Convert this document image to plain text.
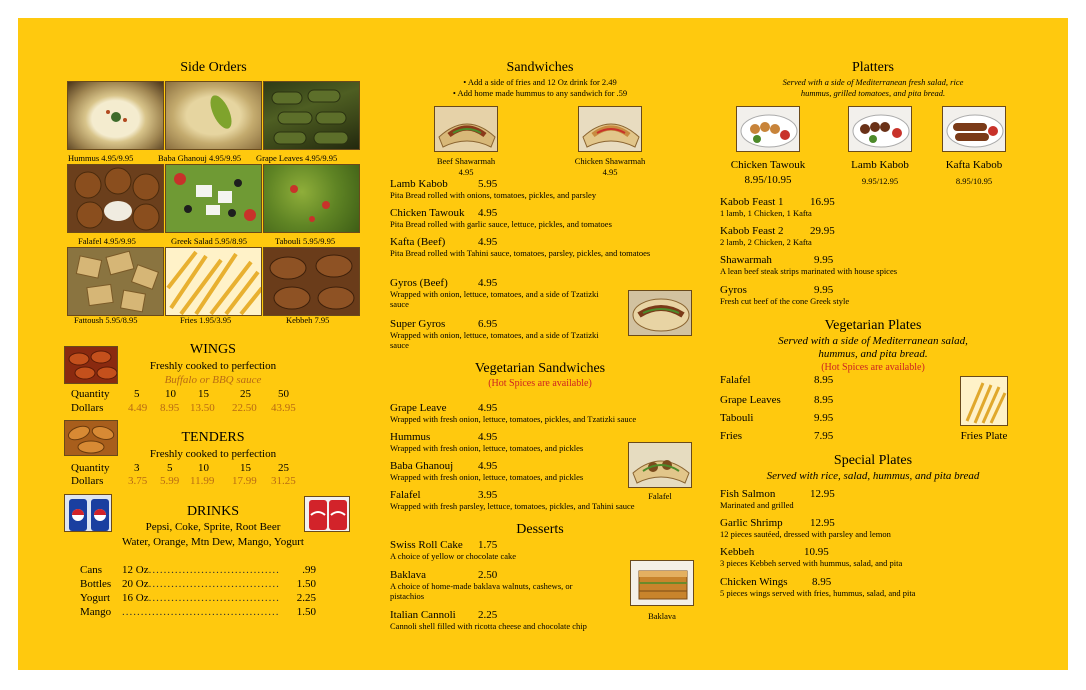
Side Orders
Hummus 4.95/9.95	Baba Ghanouj 4.95/9.95 Grape Leaves 4.95/9.95
Falafel 4.95/9.95	Greek Salad 5.95/8.95	Tabouli 5.95/9.95
Fattoush 5.95/8.95	Fries 1.95/3.95	Kebbeh 7.95
WINGS
Freshly cooked to perfection
Buffalo or BBQ sauce
Quantity
Dollars
5 10 15	25 50
4.49 8.95 13.50 22.50 43.95
TENDERS
Freshly cooked to perfection
Quantity
Dollars
3	5 10	15 25
3.75 5.99 11.99 17.99 31.25
DRINKS
Pepsi, Coke, Sprite, Root Beer
Water, Orange, Mtn Dew, Mango, Yogurt
Cans	12 Oz .....	.99
Bottles 20 Oz .....	1.50
Yogurt	16 Oz .....	2.25
Mango .....	1.50
Sandwiches
• Add a side of fries and 12 Oz drink for 2.49
• Add home made hummus to any sandwich for .59
Beef Shawarmah
4.95
Chicken Shawarmah
4.95
Lamb Kabob	5.95
Pita Bread rolled with onions, tomatoes, pickles, and parsley
Chicken Tawouk 4.95
Pita Bread rolled with garlic sauce, lettuce, pickles, and tomatoes
Kafta (Beef)	4.95
Pita Bread rolled with Tahini sauce, tomatoes, parsley, pickles, and tomatoes
Gyros (Beef)	4.95
Wrapped with onion, lettuce, tomatoes, and a side of Tzatizki sauce
Super Gyros	6.95
Wrapped with onion, lettuce, tomatoes, and a side of Tzatizki sauce
Vegetarian Sandwiches
(Hot Spices are available)
Grape Leave	4.95
Wrapped with fresh onion, lettuce, tomatoes, pickles, and Tzatizki sauce
Hummus	4.95
Wrapped with fresh onion, lettuce, tomatoes, and pickles
Baba Ghanouj 4.95
Wrapped with fresh onion, lettuce, tomatoes, and pickles
Falafel	3.95
Wrapped with fresh parsley, lettuce, tomatoes, pickles, and Tahini sauce
Falafel
Desserts
Swiss Roll Cake 1.75
A choice of yellow or chocolate cake
Baklava	2.50
A choice of home-made baklava walnuts, cashews, or pistachios
Italian Cannoli 2.25
Cannoli shell filled with ricotta cheese and chocolate chip
Baklava
Platters
Served with a side of Mediterranean fresh salad, rice
hummus, grilled tomatoes, and pita bread.
Chicken Tawouk
8.95/10.95
Lamb Kabob
9.95/12.95
Kafta Kabob
8.95/10.95
Kabob Feast 1 16.95
1 lamb, 1 Chicken, 1 Kafta
Kabob Feast 2 29.95
2 lamb, 2 Chicken, 2 Kafta
Shawarmah	9.95
A lean beef steak strips marinated with house spices
Gyros	9.95
Fresh cut beef of the cone Greek style
Vegetarian Plates
Served with a side of Mediterranean salad,
hummus, and pita bread.
(Hot Spices are available)
Falafel	8.95
Grape Leaves	8.95
Tabouli	9.95
Fries	7.95	Fries Plate
Special Plates
Served with rice, salad, hummus, and pita bread
Fish Salmon	12.95
Marinated and grilled
Garlic Shrimp 12.95
12 pieces sautéed, dressed with parsley and lemon
Kebbeh	10.95
3 pieces Kebbeh served with hummus, salad, and pita
Chicken Wings 8.95
5 pieces wings served with fries, hummus, salad, and pita
